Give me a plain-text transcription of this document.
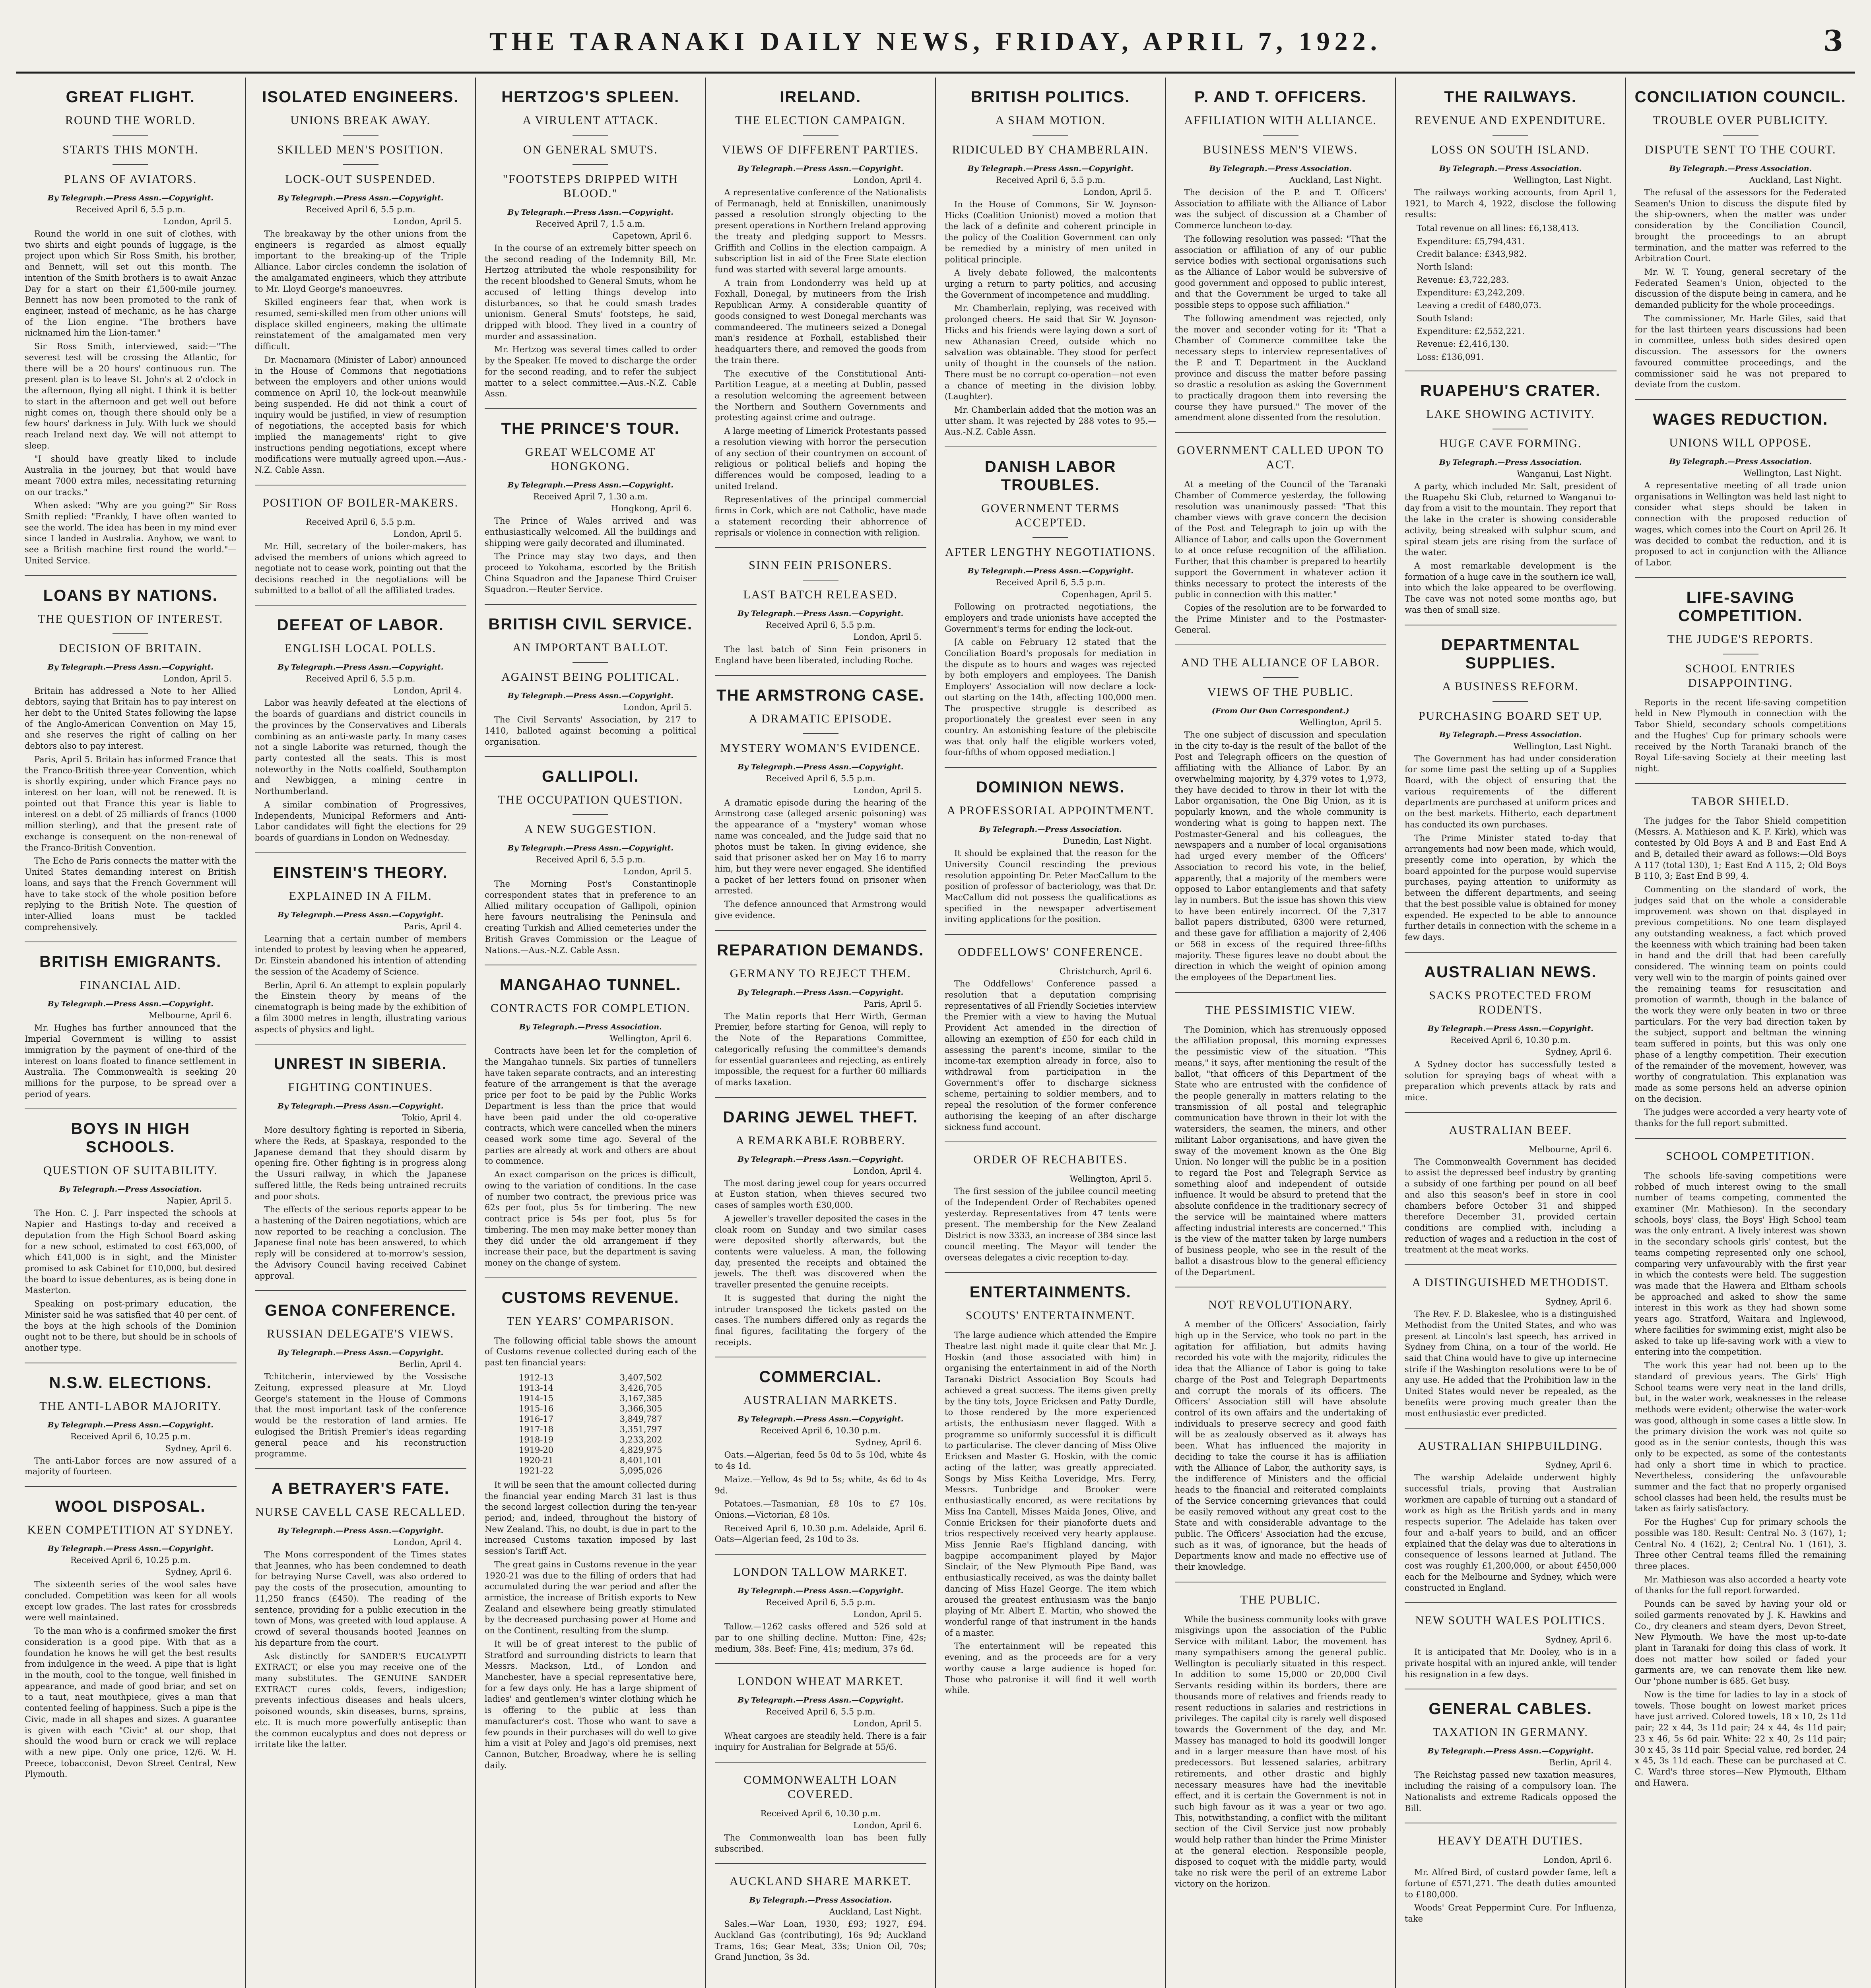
THE TARANAKI DAILY NEWS, FRIDAY, APRIL 7, 1922.	3
GREAT FLIGHT.
ROUND THE WORLD.
STARTS THIS MONTH.
PLANS OF AVIATORS.
By Telegraph.—Press Assn.—Copyright.
Received April 6, 5.5 p.m.
London, April 5.
Round the world in one suit of clothes, with two shirts and eight pounds of luggage, is the project upon which Sir Ross Smith, his brother, and Bennett, will set out this month. The intention of the Smith brothers is to await Anzac Day for a start on their £1,500-mile journey. Bennett has now been promoted to the rank of engineer, instead of mechanic, as he has charge of the Lion engine. "The brothers have nicknamed him the Lion-tamer."
Sir Ross Smith, interviewed, said:—"The severest test will be crossing the Atlantic, for there will be a 20 hours' continuous run. The present plan is to leave St. John's at 2 o'clock in the afternoon, flying all night. I think it is better to start in the afternoon and get well out before night comes on, though there should only be a few hours' darkness in July. With luck we should reach Ireland next day. We will not attempt to sleep.
"I should have greatly liked to include Australia in the journey, but that would have meant 7000 extra miles, necessitating returning on our tracks."
When asked: "Why are you going?" Sir Ross Smith replied: "Frankly, I have often wanted to see the world. The idea has been in my mind ever since I landed in Australia. Anyhow, we want to see a British machine first round the world."—United Service.
LOANS BY NATIONS.
THE QUESTION OF INTEREST.
DECISION OF BRITAIN.
By Telegraph.—Press Assn.—Copyright.
London, April 5.
Britain has addressed a Note to her Allied debtors, saying that Britain has to pay interest on her debt to the United States following the lapse of the Anglo-American Convention on May 15, and she reserves the right of calling on her debtors also to pay interest.
Paris, April 5. Britain has informed France that the Franco-British three-year Convention, which is shortly expiring, under which France pays no interest on her loan, will not be renewed. It is pointed out that France this year is liable to interest on a debt of 25 milliards of francs (1000 million sterling), and that the present rate of exchange is consequent on the non-renewal of the Franco-British Convention.
The Echo de Paris connects the matter with the United States demanding interest on British loans, and says that the French Government will have to take stock of the whole position before replying to the British Note. The question of inter-Allied loans must be tackled comprehensively.
BRITISH EMIGRANTS.
FINANCIAL AID.
By Telegraph.—Press Assn.—Copyright.
Melbourne, April 6.
Mr. Hughes has further announced that the Imperial Government is willing to assist immigration by the payment of one-third of the interest on loans floated to finance settlement in Australia. The Commonwealth is seeking 20 millions for the purpose, to be spread over a period of years.
BOYS IN HIGH SCHOOLS.
QUESTION OF SUITABILITY.
By Telegraph.—Press Association.
Napier, April 5.
The Hon. C. J. Parr inspected the schools at Napier and Hastings to-day and received a deputation from the High School Board asking for a new school, estimated to cost £63,000, of which £41,000 is in sight, and the Minister promised to ask Cabinet for £10,000, but desired the board to issue debentures, as is being done in Masterton.
Speaking on post-primary education, the Minister said he was satisfied that 40 per cent. of the boys at the high schools of the Dominion ought not to be there, but should be in schools of another type.
N.S.W. ELECTIONS.
THE ANTI-LABOR MAJORITY.
By Telegraph.—Press Assn.—Copyright.
Received April 6, 10.25 p.m.
Sydney, April 6.
The anti-Labor forces are now assured of a majority of fourteen.
WOOL DISPOSAL.
KEEN COMPETITION AT SYDNEY.
By Telegraph.—Press Assn.—Copyright.
Received April 6, 10.25 p.m.
Sydney, April 6.
The sixteenth series of the wool sales have concluded. Competition was keen for all wools except low grades. The last rates for crossbreds were well maintained.
To the man who is a confirmed smoker the first consideration is a good pipe. With that as a foundation he knows he will get the best results from indulgence in the weed. A pipe that is light in the mouth, cool to the tongue, well finished in appearance, and made of good briar, and set on to a taut, neat mouthpiece, gives a man that contented feeling of happiness. Such a pipe is the Civic, made in all shapes and sizes. A guarantee is given with each "Civic" at our shop, that should the wood burn or crack we will replace with a new pipe. Only one price, 12/6. W. H. Preece, tobacconist, Devon Street Central, New Plymouth.
ISOLATED ENGINEERS.
UNIONS BREAK AWAY.
SKILLED MEN'S POSITION.
LOCK-OUT SUSPENDED.
By Telegraph.—Press Assn.—Copyright.
Received April 6, 5.5 p.m.
London, April 5.
The breakaway by the other unions from the engineers is regarded as almost equally important to the breaking-up of the Triple Alliance. Labor circles condemn the isolation of the amalgamated engineers, which they attribute to Mr. Lloyd George's manoeuvres.
Skilled engineers fear that, when work is resumed, semi-skilled men from other unions will displace skilled engineers, making the ultimate reinstatement of the amalgamated men very difficult.
Dr. Macnamara (Minister of Labor) announced in the House of Commons that negotiations between the employers and other unions would commence on April 10, the lock-out meanwhile being suspended. He did not think a court of inquiry would be justified, in view of resumption of negotiations, the accepted basis for which implied the managements' right to give instructions pending negotiations, except where modifications were mutually agreed upon.—Aus.-N.Z. Cable Assn.
POSITION OF BOILER-MAKERS.
Received April 6, 5.5 p.m.
London, April 5.
Mr. Hill, secretary of the boiler-makers, has advised the members of unions which agreed to negotiate not to cease work, pointing out that the decisions reached in the negotiations will be submitted to a ballot of all the affiliated trades.
DEFEAT OF LABOR.
ENGLISH LOCAL POLLS.
By Telegraph.—Press Assn.—Copyright.
Received April 6, 5.5 p.m.
London, April 4.
Labor was heavily defeated at the elections of the boards of guardians and district councils in the provinces by the Conservatives and Liberals combining as an anti-waste party. In many cases not a single Laborite was returned, though the party contested all the seats. This is most noteworthy in the Notts coalfield, Southampton and Newbiggen, a mining centre in Northumberland.
A similar combination of Progressives, Independents, Municipal Reformers and Anti-Labor candidates will fight the elections for 29 boards of guardians in London on Wednesday.
EINSTEIN'S THEORY.
EXPLAINED IN A FILM.
By Telegraph.—Press Assn.—Copyright.
Paris, April 4.
Learning that a certain number of members intended to protest by leaving when he appeared, Dr. Einstein abandoned his intention of attending the session of the Academy of Science.
Berlin, April 6. An attempt to explain popularly the Einstein theory by means of the cinematograph is being made by the exhibition of a film 3000 metres in length, illustrating various aspects of physics and light.
UNREST IN SIBERIA.
FIGHTING CONTINUES.
By Telegraph.—Press Assn.—Copyright.
Tokio, April 4.
More desultory fighting is reported in Siberia, where the Reds, at Spaskaya, responded to the Japanese demand that they should disarm by opening fire. Other fighting is in progress along the Ussuri railway, in which the Japanese suffered little, the Reds being untrained recruits and poor shots.
The effects of the serious reports appear to be a hastening of the Dairen negotiations, which are now reported to be reaching a conclusion. The Japanese final note has been answered, to which reply will be considered at to-morrow's session, the Advisory Council having received Cabinet approval.
GENOA CONFERENCE.
RUSSIAN DELEGATE'S VIEWS.
By Telegraph.—Press Assn.—Copyright.
Berlin, April 4.
Tchitcherin, interviewed by the Vossische Zeitung, expressed pleasure at Mr. Lloyd George's statement in the House of Commons that the most important task of the conference would be the restoration of land armies. He eulogised the British Premier's ideas regarding general peace and his reconstruction programme.
A BETRAYER'S FATE.
NURSE CAVELL CASE RECALLED.
By Telegraph.—Press Assn.—Copyright.
London, April 4.
The Mons correspondent of the Times states that Jeannes, who has been condemned to death for betraying Nurse Cavell, was also ordered to pay the costs of the prosecution, amounting to 11,250 francs (£450). The reading of the sentence, providing for a public execution in the town of Mons, was greeted with loud applause. A crowd of several thousands hooted Jeannes on his departure from the court.
Ask distinctly for SANDER'S EUCALYPTI EXTRACT, or else you may receive one of the many substitutes. The GENUINE SANDER EXTRACT cures colds, fevers, indigestion; prevents infectious diseases and heals ulcers, poisoned wounds, skin diseases, burns, sprains, etc. It is much more powerfully antiseptic than the common eucalyptus and does not depress or irritate like the latter.
HERTZOG'S SPLEEN.
A VIRULENT ATTACK.
ON GENERAL SMUTS.
"FOOTSTEPS DRIPPED WITH BLOOD."
By Telegraph.—Press Assn.—Copyright.
Received April 7, 1.5 a.m.
Capetown, April 6.
In the course of an extremely bitter speech on the second reading of the Indemnity Bill, Mr. Hertzog attributed the whole responsibility for the recent bloodshed to General Smuts, whom he accused of letting things develop into disturbances, so that he could smash trades unionism. General Smuts' footsteps, he said, dripped with blood. They lived in a country of murder and assassination.
Mr. Hertzog was several times called to order by the Speaker. He moved to discharge the order for the second reading, and to refer the subject matter to a select committee.—Aus.-N.Z. Cable Assn.
THE PRINCE'S TOUR.
GREAT WELCOME AT HONGKONG.
By Telegraph.—Press Assn.—Copyright.
Received April 7, 1.30 a.m.
Hongkong, April 6.
The Prince of Wales arrived and was enthusiastically welcomed. All the buildings and shipping were gaily decorated and illuminated.
The Prince may stay two days, and then proceed to Yokohama, escorted by the British China Squadron and the Japanese Third Cruiser Squadron.—Reuter Service.
BRITISH CIVIL SERVICE.
AN IMPORTANT BALLOT.
AGAINST BEING POLITICAL.
By Telegraph.—Press Assn.—Copyright.
London, April 5.
The Civil Servants' Association, by 217 to 1410, balloted against becoming a political organisation.
GALLIPOLI.
THE OCCUPATION QUESTION.
A NEW SUGGESTION.
By Telegraph.—Press Assn.—Copyright.
Received April 6, 5.5 p.m.
London, April 5.
The Morning Post's Constantinople correspondent states that in preference to an Allied military occupation of Gallipoli, opinion here favours neutralising the Peninsula and creating Turkish and Allied cemeteries under the British Graves Commission or the League of Nations.—Aus.-N.Z. Cable Assn.
MANGAHAO TUNNEL.
CONTRACTS FOR COMPLETION.
By Telegraph.—Press Association.
Wellington, April 6.
Contracts have been let for the completion of the Mangahao tunnels. Six parties of tunnellers have taken separate contracts, and an interesting feature of the arrangement is that the average price per foot to be paid by the Public Works Department is less than the price that would have been paid under the old co-operative contracts, which were cancelled when the miners ceased work some time ago. Several of the parties are already at work and others are about to commence.
An exact comparison on the prices is difficult, owing to the variation of conditions. In the case of number two contract, the previous price was 62s per foot, plus 5s for timbering. The new contract price is 54s per foot, plus 5s for timbering. The men may make better money than they did under the old arrangement if they increase their pace, but the department is saving money on the change of system.
CUSTOMS REVENUE.
TEN YEARS' COMPARISON.
The following official table shows the amount of Customs revenue collected during each of the past ten financial years:
1912-13	3,407,502
1913-14	3,426,705
1914-15	3,167,385
1915-16	3,366,305
1916-17	3,849,787
1917-18	3,351,797
1918-19	3,233,202
1919-20	4,829,975
1920-21	8,401,101
1921-22	5,095,026
It will be seen that the amount collected during the financial year ending March 31 last is thus the second largest collection during the ten-year period; and, indeed, throughout the history of New Zealand. This, no doubt, is due in part to the increased Customs taxation imposed by last session's Tariff Act.
The great gains in Customs revenue in the year 1920-21 was due to the filling of orders that had accumulated during the war period and after the armistice, the increase of British exports to New Zealand and elsewhere being greatly stimulated by the decreased purchasing power at Home and on the Continent, resulting from the slump.
It will be of great interest to the public of Stratford and surrounding districts to learn that Messrs. Mackson, Ltd., of London and Manchester, have a special representative here, for a few days only. He has a large shipment of ladies' and gentlemen's winter clothing which he is offering to the public at less than manufacturer's cost. Those who want to save a few pounds in their purchases will do well to give him a visit at Poley and Jago's old premises, next Cannon, Butcher, Broadway, where he is selling daily.
IRELAND.
THE ELECTION CAMPAIGN.
VIEWS OF DIFFERENT PARTIES.
By Telegraph.—Press Assn.—Copyright.
London, April 4.
A representative conference of the Nationalists of Fermanagh, held at Enniskillen, unanimously passed a resolution strongly objecting to the present operations in Northern Ireland approving the treaty and pledging support to Messrs. Griffith and Collins in the election campaign. A subscription list in aid of the Free State election fund was started with several large amounts.
A train from Londonderry was held up at Foxhall, Donegal, by mutineers from the Irish Republican Army. A considerable quantity of goods consigned to west Donegal merchants was commandeered. The mutineers seized a Donegal man's residence at Foxhall, established their headquarters there, and removed the goods from the train there.
The executive of the Constitutional Anti-Partition League, at a meeting at Dublin, passed a resolution welcoming the agreement between the Northern and Southern Governments and protesting against crime and outrage.
A large meeting of Limerick Protestants passed a resolution viewing with horror the persecution of any section of their countrymen on account of religious or political beliefs and hoping the differences would be composed, leading to a united Ireland.
Representatives of the principal commercial firms in Cork, which are not Catholic, have made a statement recording their abhorrence of reprisals or violence in connection with religion.
SINN FEIN PRISONERS.
LAST BATCH RELEASED.
By Telegraph.—Press Assn.—Copyright.
Received April 6, 5.5 p.m.
London, April 5.
The last batch of Sinn Fein prisoners in England have been liberated, including Roche.
THE ARMSTRONG CASE.
A DRAMATIC EPISODE.
MYSTERY WOMAN'S EVIDENCE.
By Telegraph.—Press Assn.—Copyright.
Received April 6, 5.5 p.m.
London, April 5.
A dramatic episode during the hearing of the Armstrong case (alleged arsenic poisoning) was the appearance of a "mystery" woman whose name was concealed, and the Judge said that no photos must be taken. In giving evidence, she said that prisoner asked her on May 16 to marry him, but they were never engaged. She identified a packet of her letters found on prisoner when arrested.
The defence announced that Armstrong would give evidence.
REPARATION DEMANDS.
GERMANY TO REJECT THEM.
By Telegraph.—Press Assn.—Copyright.
Paris, April 5.
The Matin reports that Herr Wirth, German Premier, before starting for Genoa, will reply to the Note of the Reparations Committee, categorically refusing the committee's demands for essential guarantees and rejecting, as entirely impossible, the request for a further 60 milliards of marks taxation.
DARING JEWEL THEFT.
A REMARKABLE ROBBERY.
By Telegraph.—Press Assn.—Copyright.
London, April 4.
The most daring jewel coup for years occurred at Euston station, when thieves secured two cases of samples worth £30,000.
A jeweller's traveller deposited the cases in the cloak room on Sunday and two similar cases were deposited shortly afterwards, but the contents were valueless. A man, the following day, presented the receipts and obtained the jewels. The theft was discovered when the traveller presented the genuine receipts.
It is suggested that during the night the intruder transposed the tickets pasted on the cases. The numbers differed only as regards the final figures, facilitating the forgery of the receipts.
COMMERCIAL.
AUSTRALIAN MARKETS.
By Telegraph.—Press Assn.—Copyright.
Received April 6, 10.30 p.m.
Sydney, April 6.
Oats.—Algerian, feed 5s 0d to 5s 10d, white 4s to 4s 1d.
Maize.—Yellow, 4s 9d to 5s; white, 4s 6d to 4s 9d.
Potatoes.—Tasmanian, £8 10s to £7 10s. Onions.—Victorian, £8 10s.
Received April 6, 10.30 p.m. Adelaide, April 6. Oats—Algerian feed, 2s 10d to 3s.
LONDON TALLOW MARKET.
By Telegraph.—Press Assn.—Copyright.
Received April 6, 5.5 p.m.
London, April 5.
Tallow.—1262 casks offered and 526 sold at par to one shilling decline. Mutton: Fine, 42s; medium, 38s. Beef: Fine, 41s; medium, 37s 6d.
LONDON WHEAT MARKET.
By Telegraph.—Press Assn.—Copyright.
Received April 6, 5.5 p.m.
London, April 5.
Wheat cargoes are steadily held. There is a fair inquiry for Australian for Belgrade at 55/6.
COMMONWEALTH LOAN COVERED.
Received April 6, 10.30 p.m.
London, April 6.
The Commonwealth loan has been fully subscribed.
AUCKLAND SHARE MARKET.
By Telegraph.—Press Association.
Auckland, Last Night.
Sales.—War Loan, 1930, £93; 1927, £94. Auckland Gas (contributing), 16s 9d; Auckland Trams, 16s; Gear Meat, 33s; Union Oil, 70s; Grand Junction, 3s 3d.
BRITISH POLITICS.
A SHAM MOTION.
RIDICULED BY CHAMBERLAIN.
By Telegraph.—Press Assn.—Copyright.
Received April 6, 5.5 p.m.
London, April 5.
In the House of Commons, Sir W. Joynson-Hicks (Coalition Unionist) moved a motion that the lack of a definite and coherent principle in the policy of the Coalition Government can only be remedied by a ministry of men united in political principle.
A lively debate followed, the malcontents urging a return to party politics, and accusing the Government of incompetence and muddling.
Mr. Chamberlain, replying, was received with prolonged cheers. He said that Sir W. Joynson-Hicks and his friends were laying down a sort of new Athanasian Creed, outside which no salvation was obtainable. They stood for perfect unity of thought in the counsels of the nation. There must be no corrupt co-operation—not even a chance of meeting in the division lobby. (Laughter).
Mr. Chamberlain added that the motion was an utter sham. It was rejected by 288 votes to 95.—Aus.-N.Z. Cable Assn.
DANISH LABOR TROUBLES.
GOVERNMENT TERMS ACCEPTED.
AFTER LENGTHY NEGOTIATIONS.
By Telegraph.—Press Assn.—Copyright.
Received April 6, 5.5 p.m.
Copenhagen, April 5.
Following on protracted negotiations, the employers and trade unionists have accepted the Government's terms for ending the lock-out.
[A cable on February 12 stated that the Conciliation Board's proposals for mediation in the dispute as to hours and wages was rejected by both employers and employees. The Danish Employers' Association will now declare a lock-out starting on the 14th, affecting 100,000 men. The prospective struggle is described as proportionately the greatest ever seen in any country. An astonishing feature of the plebiscite was that only half the eligible workers voted, four-fifths of whom opposed mediation.]
DOMINION NEWS.
A PROFESSORIAL APPOINTMENT.
By Telegraph.—Press Association.
Dunedin, Last Night.
It should be explained that the reason for the University Council rescinding the previous resolution appointing Dr. Peter MacCallum to the position of professor of bacteriology, was that Dr. MacCallum did not possess the qualifications as specified in the newspaper advertisement inviting applications for the position.
ODDFELLOWS' CONFERENCE.
Christchurch, April 6.
The Oddfellows' Conference passed a resolution that a deputation comprising representatives of all Friendly Societies interview the Premier with a view to having the Mutual Provident Act amended in the direction of allowing an exemption of £50 for each child in assessing the parent's income, similar to the income-tax exemption already in force, also to withdrawal from participation in the Government's offer to discharge sickness scheme, pertaining to soldier members, and to repeal the resolution of the former conference authorising the keeping of an after discharge sickness fund account.
ORDER OF RECHABITES.
Wellington, April 5.
The first session of the jubilee council meeting of the Independent Order of Rechabites opened yesterday. Representatives from 47 tents were present. The membership for the New Zealand District is now 3333, an increase of 384 since last council meeting. The Mayor will tender the overseas delegates a civic reception to-day.
ENTERTAINMENTS.
SCOUTS' ENTERTAINMENT.
The large audience which attended the Empire Theatre last night made it quite clear that Mr. J. Hoskin (and those associated with him) in organising the entertainment in aid of the North Taranaki District Association Boy Scouts had achieved a great success. The items given pretty by the tiny tots, Joyce Ericksen and Patty Durdle, to those rendered by the more experienced artists, the enthusiasm never flagged. With a programme so uniformly successful it is difficult to particularise. The clever dancing of Miss Olive Ericksen and Master G. Hoskin, with the comic acting of the latter, was greatly appreciated. Songs by Miss Keitha Loveridge, Mrs. Ferry, Messrs. Tunbridge and Brooker were enthusiastically encored, as were recitations by Miss Ina Cantell, Misses Maida Jones, Olive, and Connie Ericksen for their pianoforte duets and trios respectively received very hearty applause. Miss Jennie Rae's Highland dancing, with bagpipe accompaniment played by Major Sinclair, of the New Plymouth Pipe Band, was enthusiastically received, as was the dainty ballet dancing of Miss Hazel George. The item which aroused the greatest enthusiasm was the banjo playing of Mr. Albert E. Martin, who showed the wonderful range of that instrument in the hands of a master.
The entertainment will be repeated this evening, and as the proceeds are for a very worthy cause a large audience is hoped for. Those who patronise it will find it well worth while.
P. AND T. OFFICERS.
AFFILIATION WITH ALLIANCE.
BUSINESS MEN'S VIEWS.
By Telegraph.—Press Association.
Auckland, Last Night.
The decision of the P. and T. Officers' Association to affiliate with the Alliance of Labor was the subject of discussion at a Chamber of Commerce luncheon to-day.
The following resolution was passed: "That the association or affiliation of any of our public service bodies with sectional organisations such as the Alliance of Labor would be subversive of good government and opposed to public interest, and that the Government be urged to take all possible steps to oppose such affiliation."
The following amendment was rejected, only the mover and seconder voting for it: "That a Chamber of Commerce committee take the necessary steps to interview representatives of the P. and T. Department in the Auckland province and discuss the matter before passing so drastic a resolution as asking the Government to practically dragoon them into reversing the course they have pursued." The mover of the amendment alone dissented from the resolution.
GOVERNMENT CALLED UPON TO ACT.
At a meeting of the Council of the Taranaki Chamber of Commerce yesterday, the following resolution was unanimously passed: "That this chamber views with grave concern the decision of the Post and Telegraph to join up with the Alliance of Labor, and calls upon the Government to at once refuse recognition of the affiliation. Further, that this chamber is prepared to heartily support the Government in whatever action it thinks necessary to protect the interests of the public in connection with this matter."
Copies of the resolution are to be forwarded to the Prime Minister and to the Postmaster-General.
AND THE ALLIANCE OF LABOR.
VIEWS OF THE PUBLIC.
(From Our Own Correspondent.)
Wellington, April 5.
The one subject of discussion and speculation in the city to-day is the result of the ballot of the Post and Telegraph officers on the question of affiliating with the Alliance of Labor. By an overwhelming majority, by 4,379 votes to 1,973, they have decided to throw in their lot with the Labor organisation, the One Big Union, as it is popularly known, and the whole community is wondering what is going to happen next. The Postmaster-General and his colleagues, the newspapers and a number of local organisations had urged every member of the Officers' Association to record his vote, in the belief, apparently, that a majority of the members were opposed to Labor entanglements and that safety lay in numbers. But the issue has shown this view to have been entirely incorrect. Of the 7,317 ballot papers distributed, 6300 were returned, and these gave for affiliation a majority of 2,406 or 568 in excess of the required three-fifths majority. These figures leave no doubt about the direction in which the weight of opinion among the employees of the Department lies.
THE PESSIMISTIC VIEW.
The Dominion, which has strenuously opposed the affiliation proposal, this morning expresses the pessimistic view of the situation. "This means," it says, after mentioning the result of the ballot, "that officers of this Department of the State who are entrusted with the confidence of the people generally in matters relating to the transmission of all postal and telegraphic communication have thrown in their lot with the watersiders, the seamen, the miners, and other militant Labor organisations, and have given the sway of the movement known as the One Big Union. No longer will the public be in a position to regard the Post and Telegraph Service as something aloof and independent of outside influence. It would be absurd to pretend that the absolute confidence in the traditionary secrecy of the service will be maintained where matters affecting industrial interests are concerned." This is the view of the matter taken by large numbers of business people, who see in the result of the ballot a disastrous blow to the general efficiency of the Department.
NOT REVOLUTIONARY.
A member of the Officers' Association, fairly high up in the Service, who took no part in the agitation for affiliation, but admits having recorded his vote with the majority, ridicules the idea that the Alliance of Labor is going to take charge of the Post and Telegraph Departments and corrupt the morals of its officers. The Officers' Association still will have absolute control of its own affairs and the undertaking of individuals to preserve secrecy and good faith will be as zealously observed as it always has been. What has influenced the majority in deciding to take the course it has is affiliation with the Alliance of Labor, the authority says, is the indifference of Ministers and the official heads to the financial and reiterated complaints of the Service concerning grievances that could be easily removed without any great cost to the State and with considerable advantage to the public. The Officers' Association had the excuse, such as it was, of ignorance, but the heads of Departments know and made no effective use of their knowledge.
THE PUBLIC.
While the business community looks with grave misgivings upon the association of the Public Service with militant Labor, the movement has many sympathisers among the general public. Wellington is peculiarly situated in this respect. In addition to some 15,000 or 20,000 Civil Servants residing within its borders, there are thousands more of relatives and friends ready to resent reductions in salaries and restrictions in privileges. The capital city is rarely well disposed towards the Government of the day, and Mr. Massey has managed to hold its goodwill longer and in a larger measure than have most of his predecessors. But lessened salaries, arbitrary retirements, and other drastic and highly necessary measures have had the inevitable effect, and it is certain the Government is not in such high favour as it was a year or two ago. This, notwithstanding, a conflict with the militant section of the Civil Service just now probably would help rather than hinder the Prime Minister at the general election. Responsible people, disposed to coquet with the middle party, would take no risk were the peril of an extreme Labor victory on the horizon.
THE RAILWAYS.
REVENUE AND EXPENDITURE.
LOSS ON SOUTH ISLAND.
By Telegraph.—Press Association.
Wellington, Last Night.
The railways working accounts, from April 1, 1921, to March 4, 1922, disclose the following results:
Total revenue on all lines: £6,138,413.
Expenditure: £5,794,431.
Credit balance: £343,982.
North Island:
Revenue: £3,722,283.
Expenditure: £3,242,209.
Leaving a credit of £480,073.
South Island:
Expenditure: £2,552,221.
Revenue: £2,416,130.
Loss: £136,091.
RUAPEHU'S CRATER.
LAKE SHOWING ACTIVITY.
HUGE CAVE FORMING.
By Telegraph.—Press Association.
Wanganui, Last Night.
A party, which included Mr. Salt, president of the Ruapehu Ski Club, returned to Wanganui to-day from a visit to the mountain. They report that the lake in the crater is showing considerable activity, being streaked with sulphur scum, and spiral steam jets are rising from the surface of the water.
A most remarkable development is the formation of a huge cave in the southern ice wall, into which the lake appeared to be overflowing. The cave was not noted some months ago, but was then of small size.
DEPARTMENTAL SUPPLIES.
A BUSINESS REFORM.
PURCHASING BOARD SET UP.
By Telegraph.—Press Association.
Wellington, Last Night.
The Government has had under consideration for some time past the setting up of a Supplies Board, with the object of ensuring that the various requirements of the different departments are purchased at uniform prices and on the best markets. Hitherto, each department has conducted its own purchases.
The Prime Minister stated to-day that arrangements had now been made, which would, presently come into operation, by which the board appointed for the purpose would supervise purchases, paying attention to uniformity as between the different departments, and seeing that the best possible value is obtained for money expended. He expected to be able to announce further details in connection with the scheme in a few days.
AUSTRALIAN NEWS.
SACKS PROTECTED FROM RODENTS.
By Telegraph.—Press Assn.—Copyright.
Received April 6, 10.30 p.m.
Sydney, April 6.
A Sydney doctor has successfully tested a solution for spraying bags of wheat with a preparation which prevents attack by rats and mice.
AUSTRALIAN BEEF.
Melbourne, April 6.
The Commonwealth Government has decided to assist the depressed beef industry by granting a subsidy of one farthing per pound on all beef and also this season's beef in store in cool chambers before October 31 and shipped therefore December 31, provided certain conditions are complied with, including a reduction of wages and a reduction in the cost of treatment at the meat works.
A DISTINGUISHED METHODIST.
Sydney, April 6.
The Rev. F. D. Blakeslee, who is a distinguished Methodist from the United States, and who was present at Lincoln's last speech, has arrived in Sydney from China, on a tour of the world. He said that China would have to give up internecine strife if the Washington resolutions were to be of any use. He added that the Prohibition law in the United States would never be repealed, as the benefits were proving much greater than the most enthusiastic ever predicted.
AUSTRALIAN SHIPBUILDING.
Sydney, April 6.
The warship Adelaide underwent highly successful trials, proving that Australian workmen are capable of turning out a standard of work as high as the British yards and in many respects superior. The Adelaide has taken over four and a-half years to build, and an officer explained that the delay was due to alterations in consequence of lessons learned at Jutland. The cost was roughly £1,200,000, or about £450,000 each for the Melbourne and Sydney, which were constructed in England.
NEW SOUTH WALES POLITICS.
Sydney, April 6.
It is anticipated that Mr. Dooley, who is in a private hospital with an injured ankle, will tender his resignation in a few days.
GENERAL CABLES.
TAXATION IN GERMANY.
By Telegraph.—Press Assn.—Copyright.
Berlin, April 4.
The Reichstag passed new taxation measures, including the raising of a compulsory loan. The Nationalists and extreme Radicals opposed the Bill.
HEAVY DEATH DUTIES.
London, April 6.
Mr. Alfred Bird, of custard powder fame, left a fortune of £571,271. The death duties amounted to £180,000.
Woods' Great Peppermint Cure. For Influenza, take
CONCILIATION COUNCIL.
TROUBLE OVER PUBLICITY.
DISPUTE SENT TO THE COURT.
By Telegraph.—Press Association.
Auckland, Last Night.
The refusal of the assessors for the Federated Seamen's Union to discuss the dispute filed by the ship-owners, when the matter was under consideration by the Conciliation Council, brought the proceedings to an abrupt termination, and the matter was referred to the Arbitration Court.
Mr. W. T. Young, general secretary of the Federated Seamen's Union, objected to the discussion of the dispute being in camera, and he demanded publicity for the whole proceedings.
The commissioner, Mr. Harle Giles, said that for the last thirteen years discussions had been in committee, unless both sides desired open discussion. The assessors for the owners favoured committee proceedings, and the commissioner said he was not prepared to deviate from the custom.
WAGES REDUCTION.
UNIONS WILL OPPOSE.
By Telegraph.—Press Association.
Wellington, Last Night.
A representative meeting of all trade union organisations in Wellington was held last night to consider what steps should be taken in connection with the proposed reduction of wages, which comes into the Court on April 26. It was decided to combat the reduction, and it is proposed to act in conjunction with the Alliance of Labor.
LIFE-SAVING COMPETITION.
THE JUDGE'S REPORTS.
SCHOOL ENTRIES DISAPPOINTING.
Reports in the recent life-saving competition held in New Plymouth in connection with the Tabor Shield, secondary schools competitions and the Hughes' Cup for primary schools were received by the North Taranaki branch of the Royal Life-saving Society at their meeting last night.
TABOR SHIELD.
The judges for the Tabor Shield competition (Messrs. A. Mathieson and K. F. Kirk), which was contested by Old Boys A and B and East End A and B, detailed their award as follows:—Old Boys A 117 (total 130), 1; East End A 115, 2; Old Boys B 110, 3; East End B 99, 4.
Commenting on the standard of work, the judges said that on the whole a considerable improvement was shown on that displayed in previous competitions. No one team displayed any outstanding weakness, a fact which proved the keenness with which training had been taken in hand and the drill that had been carefully considered. The winning team on points could very well win to the margin of points gained over the remaining teams for resuscitation and promotion of warmth, though in the balance of the work they were only beaten in two or three particulars. For the very bad direction taken by the subject, support and beltman the winning team suffered in points, but this was only one phase of a lengthy competition. Their execution of the remainder of the movement, however, was worthy of congratulation. This explanation was made as some persons held an adverse opinion on the decision.
The judges were accorded a very hearty vote of thanks for the full report submitted.
SCHOOL COMPETITION.
The schools life-saving competitions were robbed of much interest owing to the small number of teams competing, commented the examiner (Mr. Mathieson). In the secondary schools, boys' class, the Boys' High School team was the only entrant. A lively interest was shown in the secondary schools girls' contest, but the teams competing represented only one school, comparing very unfavourably with the first year in which the contests were held. The suggestion was made that the Hawera and Eltham schools be approached and asked to show the same interest in this work as they had shown some years ago. Stratford, Waitara and Inglewood, where facilities for swimming exist, might also be asked to take up life-saving work with a view to entering into the competition.
The work this year had not been up to the standard of previous years. The Girls' High School teams were very neat in the land drills, but, in the water work, weaknesses in the release methods were evident; otherwise the water-work was good, although in some cases a little slow. In the primary division the work was not quite so good as in the senior contests, though this was only to be expected, as some of the contestants had only a short time in which to practice. Nevertheless, considering the unfavourable summer and the fact that no properly organised school classes had been held, the results must be taken as fairly satisfactory.
For the Hughes' Cup for primary schools the possible was 180. Result: Central No. 3 (167), 1; Central No. 4 (162), 2; Central No. 1 (161), 3. Three other Central teams filled the remaining three places.
Mr. Mathieson was also accorded a hearty vote of thanks for the full report forwarded.
Pounds can be saved by having your old or soiled garments renovated by J. K. Hawkins and Co., dry cleaners and steam dyers, Devon Street, New Plymouth. We have the most up-to-date plant in Taranaki for doing this class of work. It does not matter how soiled or faded your garments are, we can renovate them like new. Our 'phone number is 685. Get busy.
Now is the time for ladies to lay in a stock of towels. Those bought on lowest market prices have just arrived. Colored towels, 18 x 10, 2s 11d pair; 22 x 44, 3s 11d pair; 24 x 44, 4s 11d pair; 23 x 46, 5s 6d pair. White: 22 x 40, 2s 11d pair; 30 x 45, 3s 11d pair. Special value, red border, 24 x 45, 3s 11d each. These can be purchased at C. C. Ward's three stores—New Plymouth, Eltham and Hawera.
